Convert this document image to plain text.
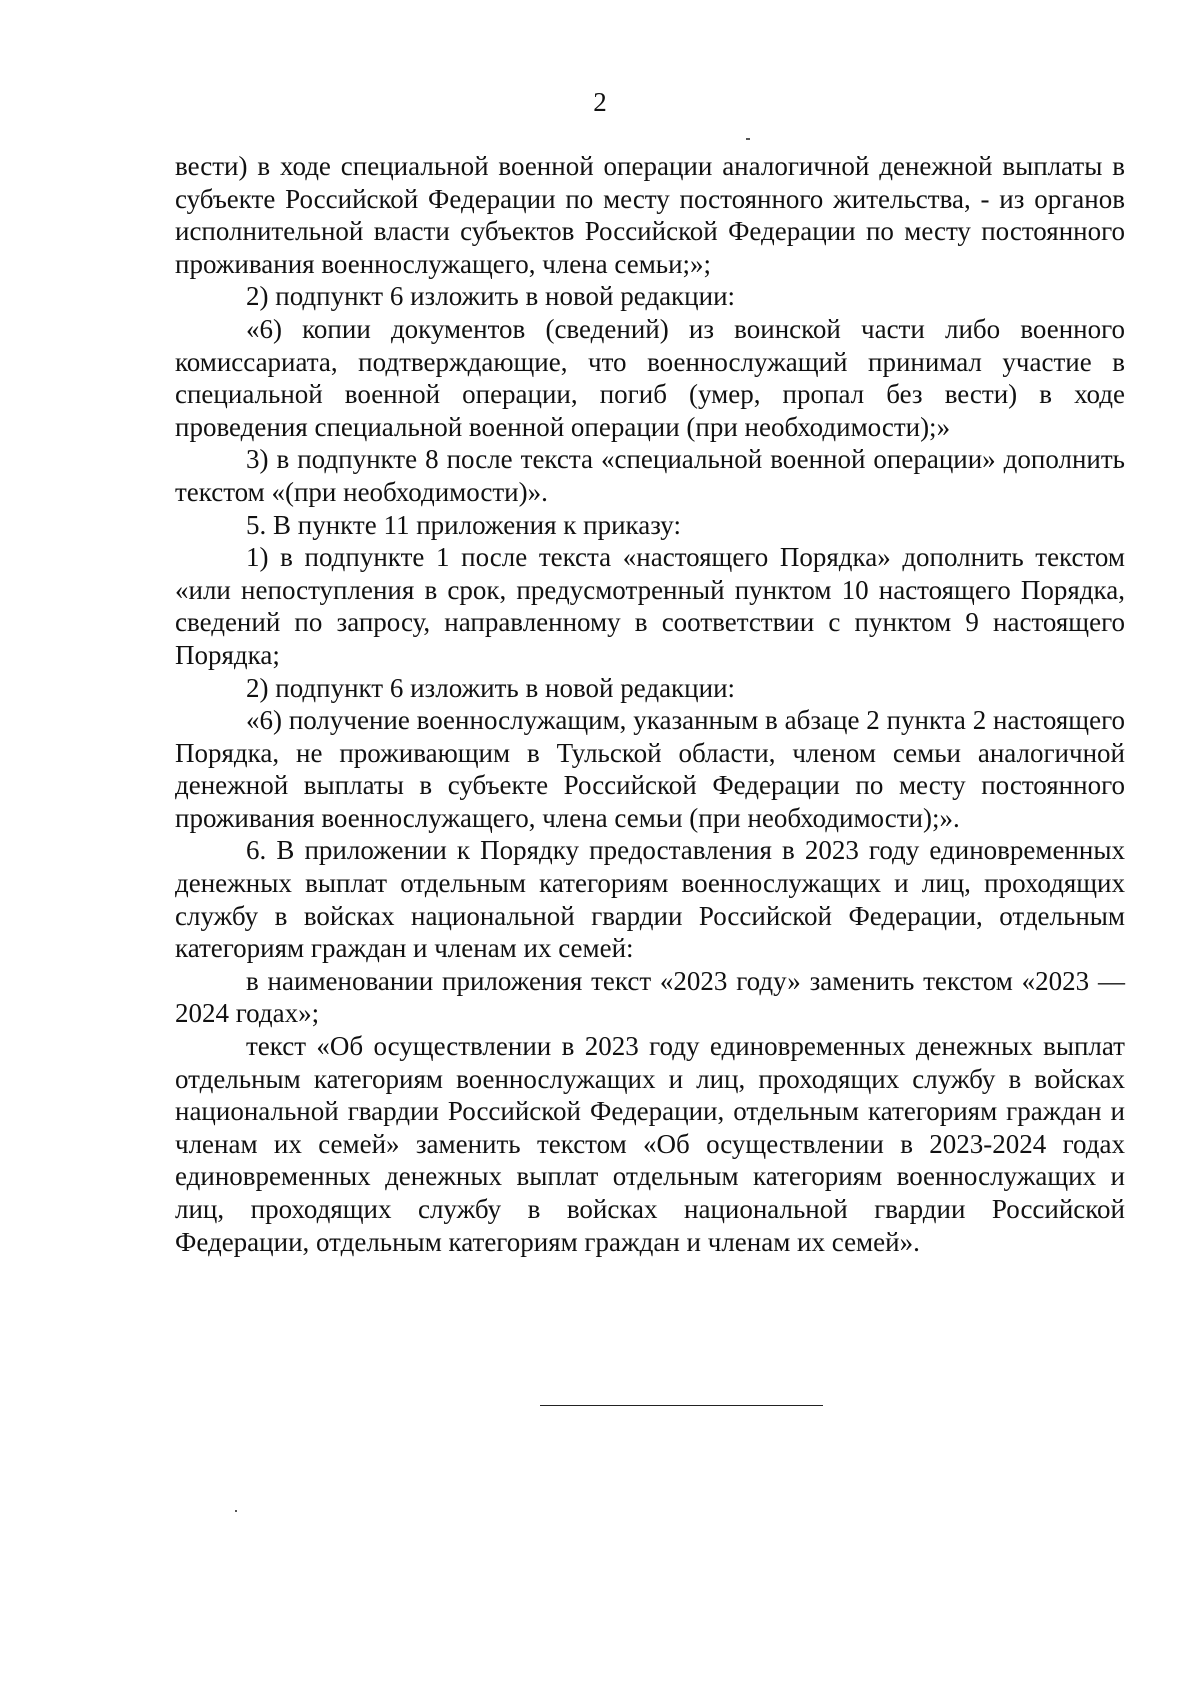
2

вести) в ходе специальной военной операции аналогичной денежной выплаты в субъекте Российской Федерации по месту постоянного жительства, - из органов исполнительной власти субъектов Российской Федерации по месту постоянного проживания военнослужащего, члена семьи;»;

2) подпункт 6 изложить в новой редакции:

«6) копии документов (сведений) из воинской части либо военного комиссариата, подтверждающие, что военнослужащий принимал участие в специальной военной операции, погиб (умер, пропал без вести) в ходе проведения специальной военной операции (при необходимости);»

3) в подпункте 8 после текста «специальной военной операции» дополнить текстом «(при необходимости)».

5. В пункте 11 приложения к приказу:

1) в подпункте 1 после текста «настоящего Порядка» дополнить текстом «или непоступления в срок, предусмотренный пунктом 10 настоящего Порядка, сведений по запросу, направленному в соответствии с пунктом 9 настоящего Порядка;

2) подпункт 6 изложить в новой редакции:

«6) получение военнослужащим, указанным в абзаце 2 пункта 2 настоящего Порядка, не проживающим в Тульской области, членом семьи аналогичной денежной выплаты в субъекте Российской Федерации по месту постоянного проживания военнослужащего, члена семьи (при необходимости);».

6. В приложении к Порядку предоставления в 2023 году единовременных денежных выплат отдельным категориям военнослужащих и лиц, проходящих службу в войсках национальной гвардии Российской Федерации, отдельным категориям граждан и членам их семей:

в наименовании приложения текст «2023 году» заменить текстом «2023 — 2024 годах»;

текст «Об осуществлении в 2023 году единовременных денежных выплат отдельным категориям военнослужащих и лиц, проходящих службу в войсках национальной гвардии Российской Федерации, отдельным категориям граждан и членам их семей» заменить текстом «Об осуществлении в 2023-2024 годах единовременных денежных выплат отдельным категориям военнослужащих и лиц, проходящих службу в войсках национальной гвардии Российской Федерации, отдельным категориям граждан и членам их семей».
